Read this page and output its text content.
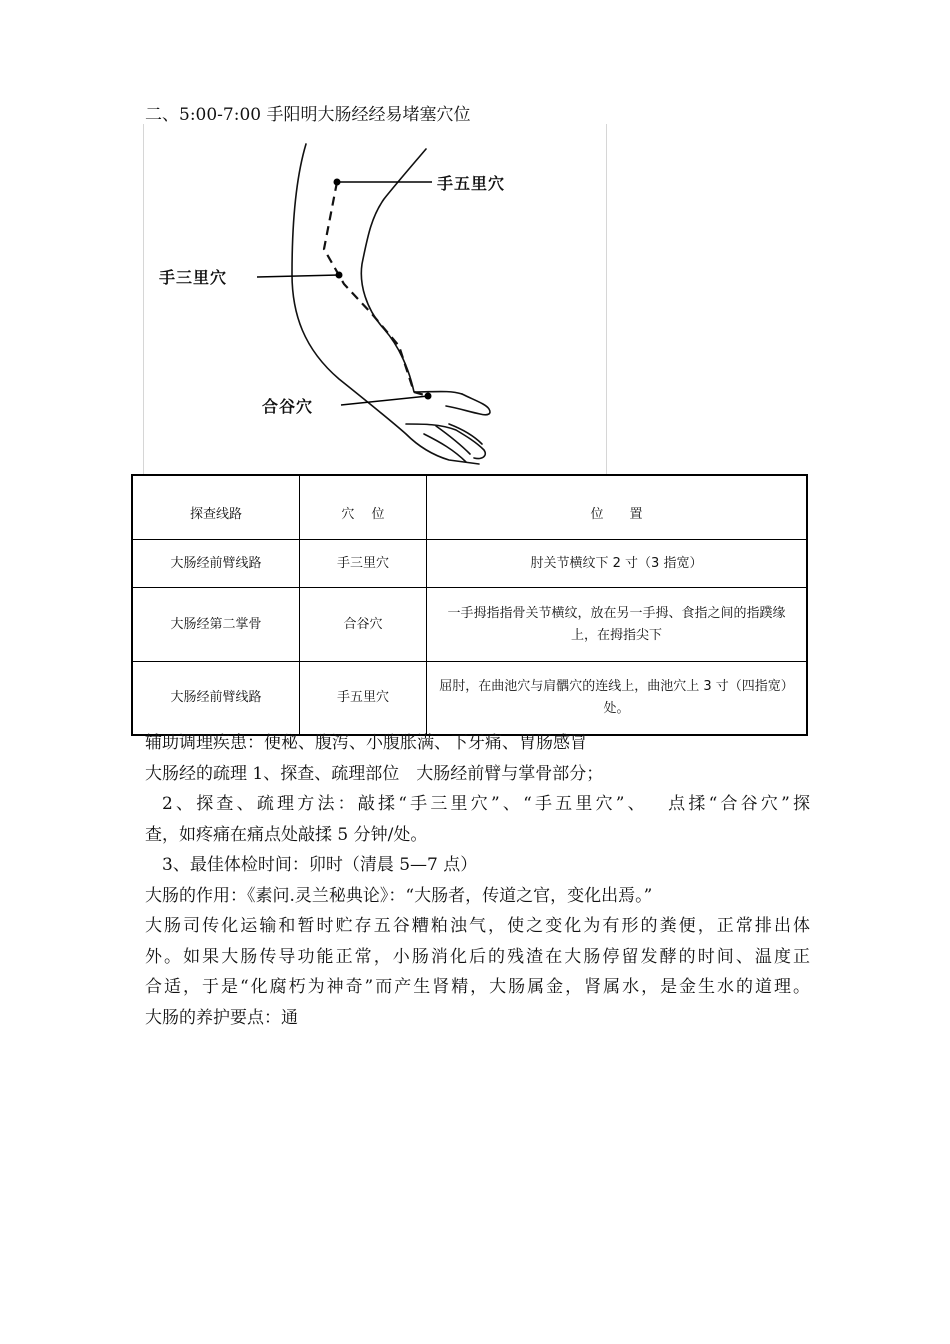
二、5:00-7:00 手阳明大肠经经易堵塞穴位
手五里穴
手三里穴
合谷穴
探查线路	穴　 位	位　　置
大肠经前臂线路	手三里穴	肘关节横纹下 2 寸（3 指宽）
大肠经第二掌骨	合谷穴	一手拇指指骨关节横纹，放在另一手拇、食指之间的指蹼缘上，在拇指尖下
大肠经前臂线路	手五里穴	屈肘，在曲池穴与肩髃穴的连线上，曲池穴上 3 寸（四指宽）处。

辅助调理疾患：便秘、腹泻、小腹胀满、下牙痛、胃肠感冒

大肠经的疏理 1、探查、疏理部位　大肠经前臂与掌骨部分；

2、探查、疏理方法：敲揉“手三里穴”、“手五里穴”、　 点揉“合谷穴”探

查，如疼痛在痛点处敲揉 5 分钟/处。

3、最佳体检时间：卯时（清晨 5—7 点）

大肠的作用：《素问.灵兰秘典论》：“大肠者，传道之官，变化出焉。”

大肠司传化运输和暂时贮存五谷糟粕浊气，使之变化为有形的粪便，正常排出体

外。如果大肠传导功能正常，小肠消化后的残渣在大肠停留发酵的时间、温度正

合适，于是“化腐朽为神奇”而产生肾精，大肠属金，肾属水，是金生水的道理。

大肠的养护要点：通
